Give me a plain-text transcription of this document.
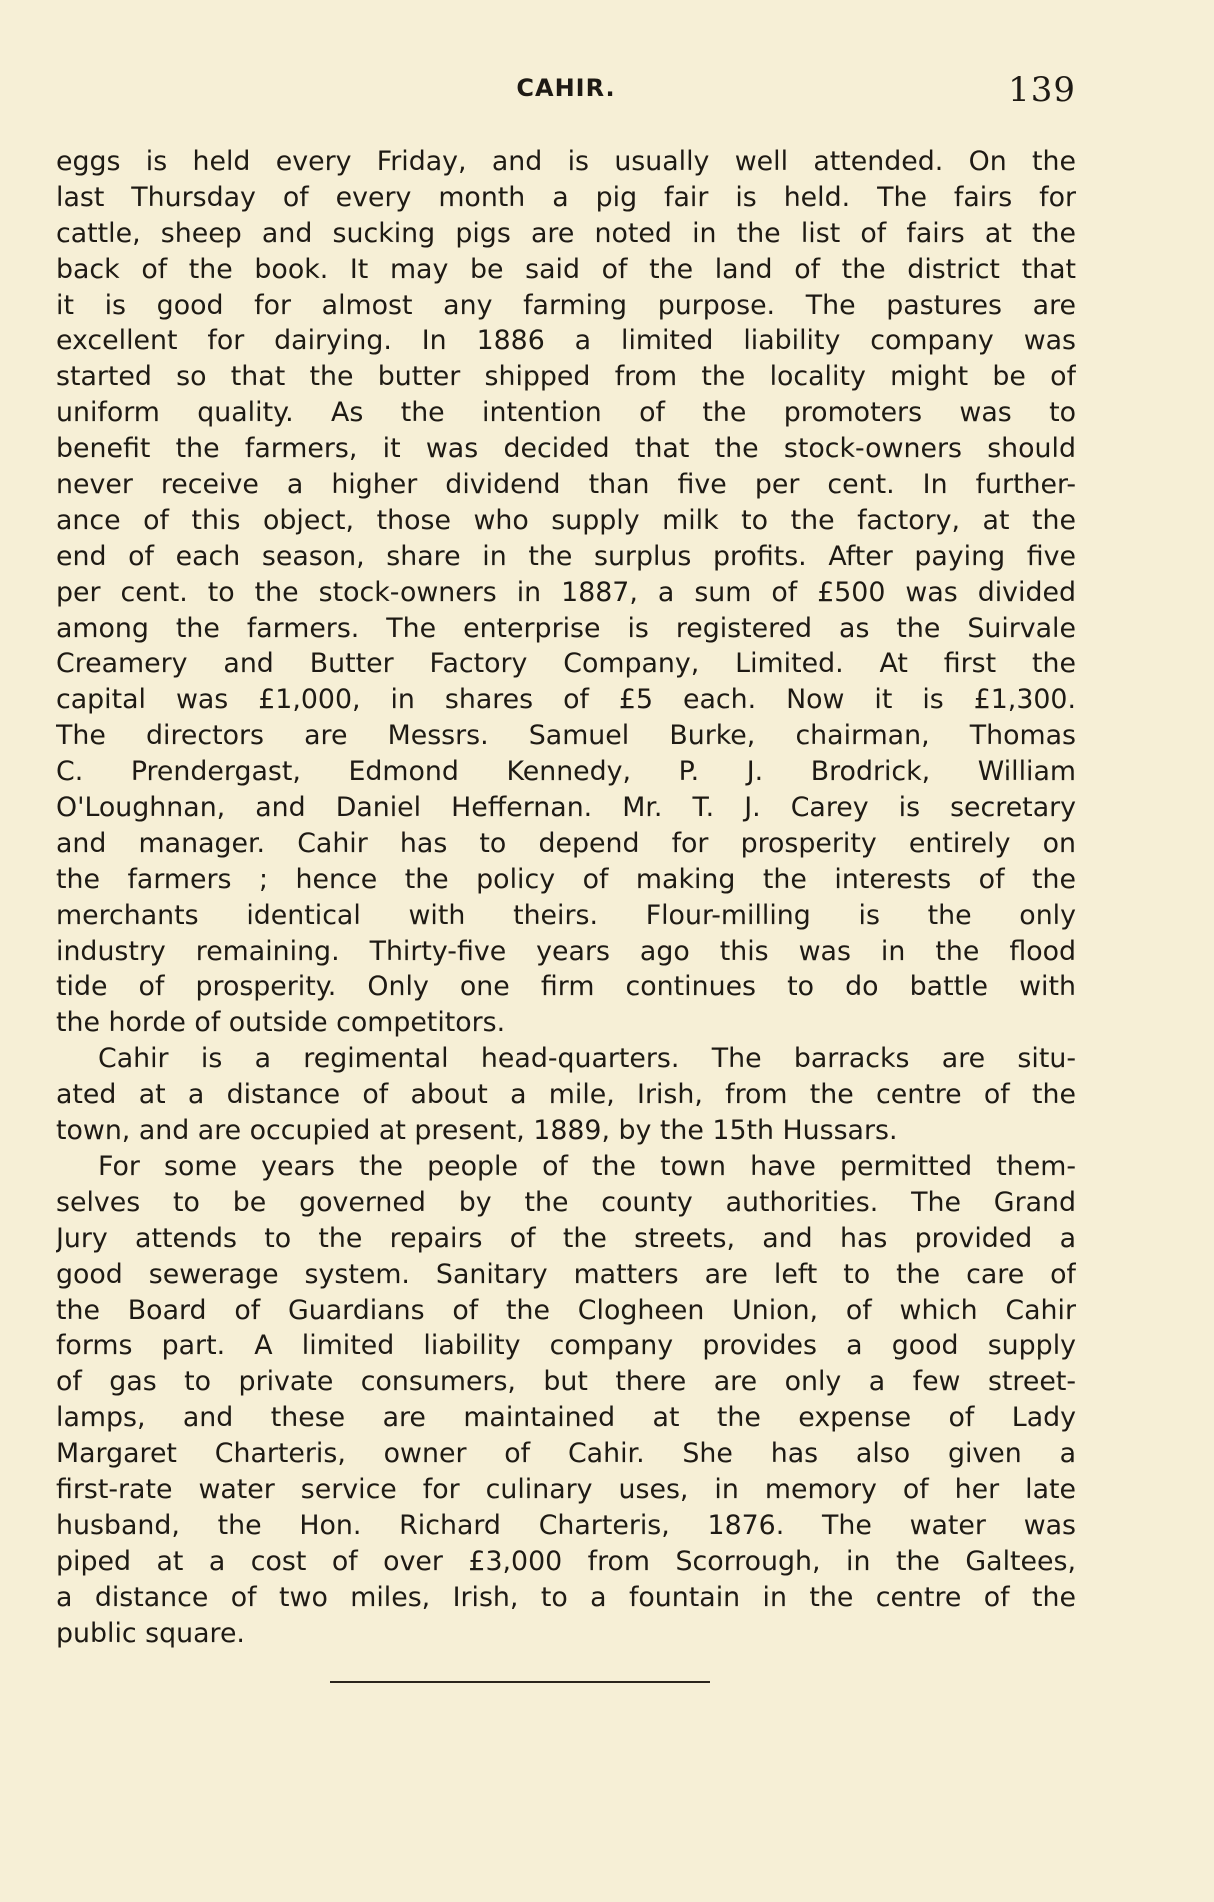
CAHIR.	139
eggs is held every Friday, and is usually well attended. On the
last Thursday of every month a pig fair is held. The fairs for
cattle, sheep and sucking pigs are noted in the list of fairs at the
back of the book. It may be said of the land of the district that
it is good for almost any farming purpose. The pastures are
excellent for dairying. In 1886 a limited liability company was
started so that the butter shipped from the locality might be of
uniform quality. As the intention of the promoters was to
benefit the farmers, it was decided that the stock-owners should
never receive a higher dividend than five per cent. In further-
ance of this object, those who supply milk to the factory, at the
end of each season, share in the surplus profits. After paying five
per cent. to the stock-owners in 1887, a sum of £500 was divided
among the farmers. The enterprise is registered as the Suirvale
Creamery and Butter Factory Company, Limited. At first the
capital was £1,000, in shares of £5 each. Now it is £1,300.
The directors are Messrs. Samuel Burke, chairman, Thomas
C. Prendergast, Edmond Kennedy, P. J. Brodrick, William
O'Loughnan, and Daniel Heffernan. Mr. T. J. Carey is secretary
and manager. Cahir has to depend for prosperity entirely on
the farmers ; hence the policy of making the interests of the
merchants identical with theirs. Flour-milling is the only
industry remaining. Thirty-five years ago this was in the flood
tide of prosperity. Only one firm continues to do battle with
the horde of outside competitors.
Cahir is a regimental head-quarters. The barracks are situ-
ated at a distance of about a mile, Irish, from the centre of the
town, and are occupied at present, 1889, by the 15th Hussars.
For some years the people of the town have permitted them-
selves to be governed by the county authorities. The Grand
Jury attends to the repairs of the streets, and has provided a
good sewerage system. Sanitary matters are left to the care of
the Board of Guardians of the Clogheen Union, of which Cahir
forms part. A limited liability company provides a good supply
of gas to private consumers, but there are only a few street-
lamps, and these are maintained at the expense of Lady
Margaret Charteris, owner of Cahir. She has also given a
first-rate water service for culinary uses, in memory of her late
husband, the Hon. Richard Charteris, 1876. The water was
piped at a cost of over £3,000 from Scorrough, in the Galtees,
a distance of two miles, Irish, to a fountain in the centre of the
public square.
